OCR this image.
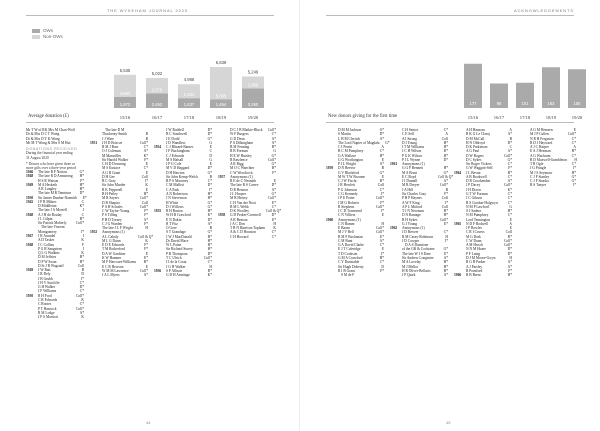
THE WYKEHAM JOURNAL 2020
OWs
Non-OWs
1,872
3,663
5,535
15/16
2,452
2,570
5,022
16/17
1,637
2,331
4,988
17/18
1,454
5,385
6,839
18/19
3,260
1,989
5,249
19/20
Average donation (£)
Mr T W of RK Mrs M Chan-Wolf
Dr & Mrs D C T Wong
Dr & Mrs D Y K Wong
Mr M T Wong & Mrs S M Hui
DONATIONS RECEIVED
During the financial year ending
31 August 2020
* Donors who have given three or
more gifts over a three-year period
1946	The late R F Norton	G*
1948	The late R D Armstrong	H*
H S R Watson	F*
1949	M A Hesketh	H*
A R Longley	H*
The late M R Tennison	D*
1950	Sir James Dunbar-Nasmith	E*
1945	J P B Milnes	C
D Middleton	K*
The late J A Morrell	I
1948	A J H du Boulay	C
J L Gilpin	B*
Sir Patrick Moberly	Coll*
The late Vincent
Montgomery	I*
1947	J R Arundel	I
A D Tasker	K
1948	J C Collins	F
P G R Sangstern	I
Q L G Watkins	K
D M Jeffries	B*
D P W Swan	H*
D St J R Wagstaff	Coll
1949	J W Batt	B
J R Dely	D
J B Grubb	I*
J H V Sutcliffe	C*
G H Walker	D*
J F Williams	C*
1950	R H Ford	Coll*
C R Edwards	K
C Rootes	C*
P T Hancock	Coll*
R M Lodge	A*
J P S Marriott	K
The late D M
Thackeray-Smith	B
J J Ware	B
1951	J H D Briscoe	Coll*
R M J Burr	C*
O J Coleman	A*
M Marseilles	K*
Sir Harold Walker	F*
C H D Downing	E
M S Eustace	C*
A G R Grant	E
D H Gee	Coll
B C Gray	I*
Sir John Marder	K
R K Pepperell	E
B H Petley	H*
M R Sayers	Coll*
D B Shapiro	Coll
P A H Scholes	Coll*
C W Taylor-Young	F*
P S Tilling	F*
P H D Torney	A*
C J G Warden	F*
The late J L F Wright	H
1952	Anonymous (1)
A L Cahaly	Coll & Q*
M L G Dunn	K
E D E Edwards	F*
T M Rotherford	F*
D A W Gardiner	E
K W Hanmer	E*
M F Harcourt-Williams	H*
E C R Hewson	E
W M M Lawrence	Coll*
J A L Myers	A*
J W Roddell	D*
B C Southwell	D*
J E Dodd	G*
J D Wandless	G
1954	C J Blizard-Barnes	E
J F Buckingham	C
C J Edwards	D
M S Halsall	G
J P G Cole	E
M V D Haggard	D*
D H Hawton	G*
Sir John Kemp-Welch	B
R P S Maconey	C*
C M Mallett	D*
C A Park	I*
A N Robertson	H*
J N Stevenson	H*
H White	G*
D I Willows	G*
1955	R H Barton	H*
W H B Crawford	K*
E N Dakin	D*
R T Fitz	A*
O Gore	B
S T Grandage	G*
J W J MacDonald	B*
Dr David Mace	H*
W L Paine	B*
Sir Richard Storey	H*
P R Thompson	D*
T C Ulrich	Coll*
J I de la Costa	C*
J G H Walker	H
1956	S P Allison	B*
G D H Armitage	K*
D C J B Blaikie-Bluck	Coll*
W F Burgess	C*
G D Dean	A*
P A Dilkingham	A*
B M Fenning	B*
R B Forman	G
H E W Hutsley	G*
R Rawlence	Coll*
A R Rigg	G*
M O C Waechter	B*
C W Woodcock	F*
1957	Anonymous (1)
R E de C Nesmith	E
The late R S Carrev	D*
D R Henson	A*
J L Hooper	G*
M B Hersey	Coll*
C H Van der Noot	E*
B M L Webb	C*
D K Woolley	Coll & Q*
1958	G D Perker-Cornwell	D*
A R Benson	E*
J A C Don	H
T B N Harrison Topham	K
A & C D Houston	C*
C H Howard	C*
44
ACKNOWLEDGEMENTS
177
15/16
98
16/17
101
17/18
163
18/19
155
19/20
New donors giving for the first time
D M M Jackson	A*
S Martin	D*
L H M Cleritch	A*
The Lord Napier of Magdala	G*
C I Perrin	A
B C M Pumphrey	C*
G A Wallace	H*
G G Worthington	E
P I L Wright	A*
1959	D N Beevor	B
G V Blackford	G*
M W T W Broome	E
C J W Fischi	B*
J R Hewlett	Coll
P G Johnston	C*
C G Kennedy	I*
J P E Potter	Coll*
J M G Roberts	F*
R Stephens	Coll*
J C D Townsend	I*
C N Villiers	E
1960	Anonymous (1)
C N Bamm	H
E Baum	Coll*
M J V Bell	Coll*
R M F Buchanan	E*
C M Bunt	A*
G A David Clarke	C*
E J T Coleridge	E
T D Cookson	I*
G M A Crawford	H*
C V Dunstable	C*
Sir Hugh Doherty	D
R I B Grant	F*
S M de F
C H Senior	C*
C E Sell	A
A I Strong	Coll
D I Young	H*
I T M Williams	H*
J C H Wilson	D*
P G K Wilson	H*
P J L Wynne	D*
1961	Anonymous (1)
G G F Bennett	H*
M A Brust	G*
E C Boyd	Coll & Q*
J I Dunnill	A*
M R Dreyer	Coll*
J A Hill	B
Sir Charles Gray	F*
P H P Haynes	Coll
A W F King	I*
A P L Mitford	Coll
T J N Newman	B*
D N Ramage	H*
R H Sykes	Coll*
G J Young	E*
1962	Anonymous (1)
J D Brewer	C*
R M Casey-Robinson	H
J D Cowper	I*
D A S Dunstone
of the GR & Cochrane	G*
The late W I S Dare	E*
Sir Andrew Longmire	A*
M A Lovelay	H*
M J Mellor	H*
H R Oliver-Bellasis	B*
J P Quirk	A*
A H Hansom	A
R K G Le Claraj	A*
D M McCall	B
H N Oldroyd	D*
D K Parkinson	C
A G Paul	A*
D W Rogers	Coll*
D C Sykes	G*
Sir Roger Vickers	C*
G W Waggott-Sell	F*
1964	J L Bevan	B*
A B Bookwell	C*
D R Crookenden	A*
J P Dacey	Coll*
J H Dixon	K*
G T W Forman	C*
J C Gibson	C*
R S Gordon-Holgwyn	C*
N M P Lawford	G
S J Sadera	H*
N M Pumphrey	C*
Lord Tennington	E
1965	N D F Rodwell	A
J P Bowles	E
C R I Cruess	Coll
M G Dark	B*
C W Dunn	Coll*
A M Hirsch	Coll*
N N M Hoare	D*
P F Laing	D*
D J M Moore-Gwyn	H
R G B Parker	A*
A J Parsley	A*
R Ponsford	F*
1966	R B Brent	H*
A G M Hemsen	E
M J P Cullen	Coll*
N R H Ferguson	C*
R D J Hayward	C*
A J C Harper	A
E A J Hexman	H*
A G Wachtom	C*
R D Maxwell-Gumbleton	H
T R Ogle	C*
J G Pringle	I*
M J S Seymour	H*
C J F Stanley	G*
C J F Stradia	G*
B S Tanyer	I*
45
